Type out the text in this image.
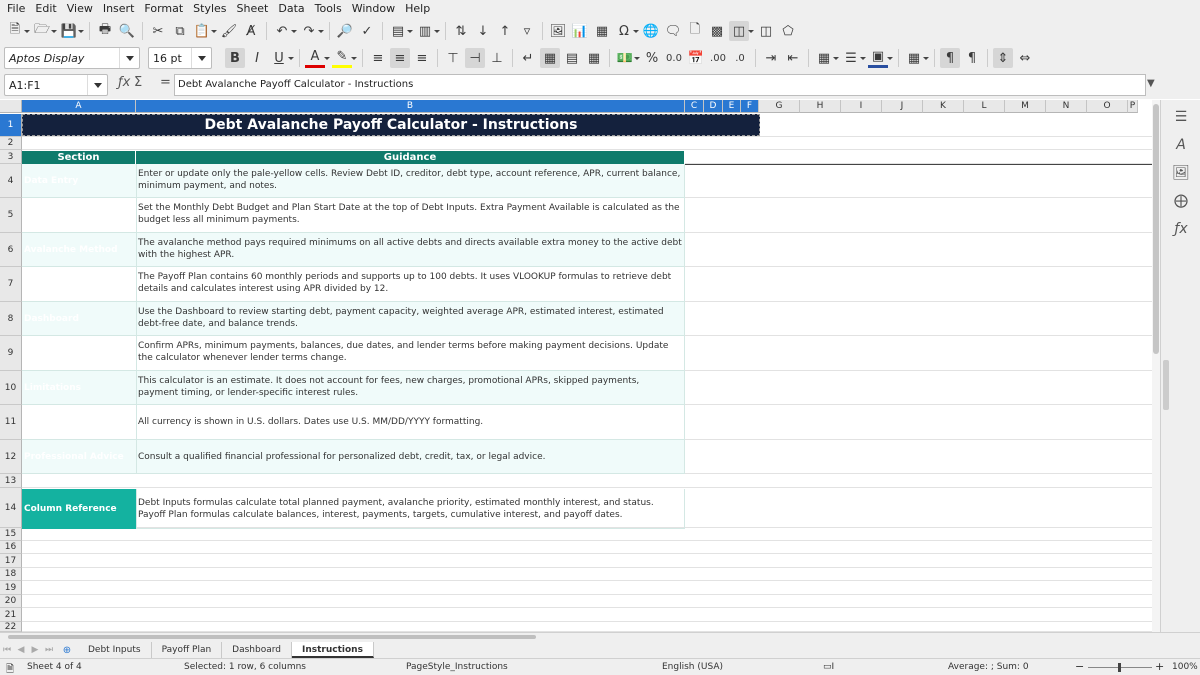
File Edit View Insert Format Styles Sheet Data Tools Window Help
🗎	🗁 💾 🖶 🔍	✂ ⧉ 📋 🖌 A̸	↶	↷	🔎 ✓	▤ ▥	⇅ ↓ ↑	▿	🖼 📊 ▦ Ω	🌐 🗨 🗋 ▩ ◫ ◫ ⬠
Aptos Display	16 pt	B	I	U	A	✎	≡ ≡ ≡	⊤ ⊣ ⊥	↵ ▦ ▤ ▦ 💵 % 0.0 📅 .00 .0	⇥ ⇤	▦	☰	▣ ▦	¶	¶	⇕ ⇔
A1:F1	ƒx Σ = Debt Avalanche Payoff Calculator - Instructions	▼
A	B	C	D	E	F	G	H	I	J	K	L	M	N	O	P
1
2
3
4
5
6
7
8
9
10
11
12
13
14
15
16
17
18
19
20
21
22
Debt Avalanche Payoff Calculator - Instructions
Section	Guidance
Data Entry
Enter or update only the pale-yellow cells. Review Debt ID, creditor, debt type, account reference, APR, current balance, minimum payment, and notes.
Budget Setup
Set the Monthly Debt Budget and Plan Start Date at the top of Debt Inputs. Extra Payment Available is calculated as the budget less all minimum payments.
Avalanche Method
The avalanche method pays required minimums on all active debts and directs available extra money to the active debt with the highest APR.
Payoff Plan
The Payoff Plan contains 60 monthly periods and supports up to 100 debts. It uses VLOOKUP formulas to retrieve debt details and calculates interest using APR divided by 12.
Dashboard
Use the Dashboard to review starting debt, payment capacity, weighted average APR, estimated interest, estimated debt-free date, and balance trends.
Verification
Confirm APRs, minimum payments, balances, due dates, and lender terms before making payment decisions. Update the calculator whenever lender terms change.
Limitations
This calculator is an estimate. It does not account for fees, new charges, promotional APRs, skipped payments, payment timing, or lender-specific interest rules.
Formatting	All currency is shown in U.S. dollars. Dates use U.S. MM/DD/YYYY formatting.
Professional Advice	Consult a qualified financial professional for personalized debt, credit, tax, or legal advice.
Column Reference
Debt Inputs formulas calculate total planned payment, avalanche priority, estimated monthly interest, and status. Payoff Plan formulas calculate balances, interest, payments, targets, cumulative interest, and payoff dates.
☰
A
🖼
⨁
ƒx
⏮ ◀ ▶ ⏭ ⊕	Debt Inputs	Payoff Plan	Dashboard	Instructions
🗎 Sheet 4 of 4	Selected: 1 row, 6 columns	PageStyle_Instructions	English (USA)	▭I	Average: ; Sum: 0	−	+ 100%
